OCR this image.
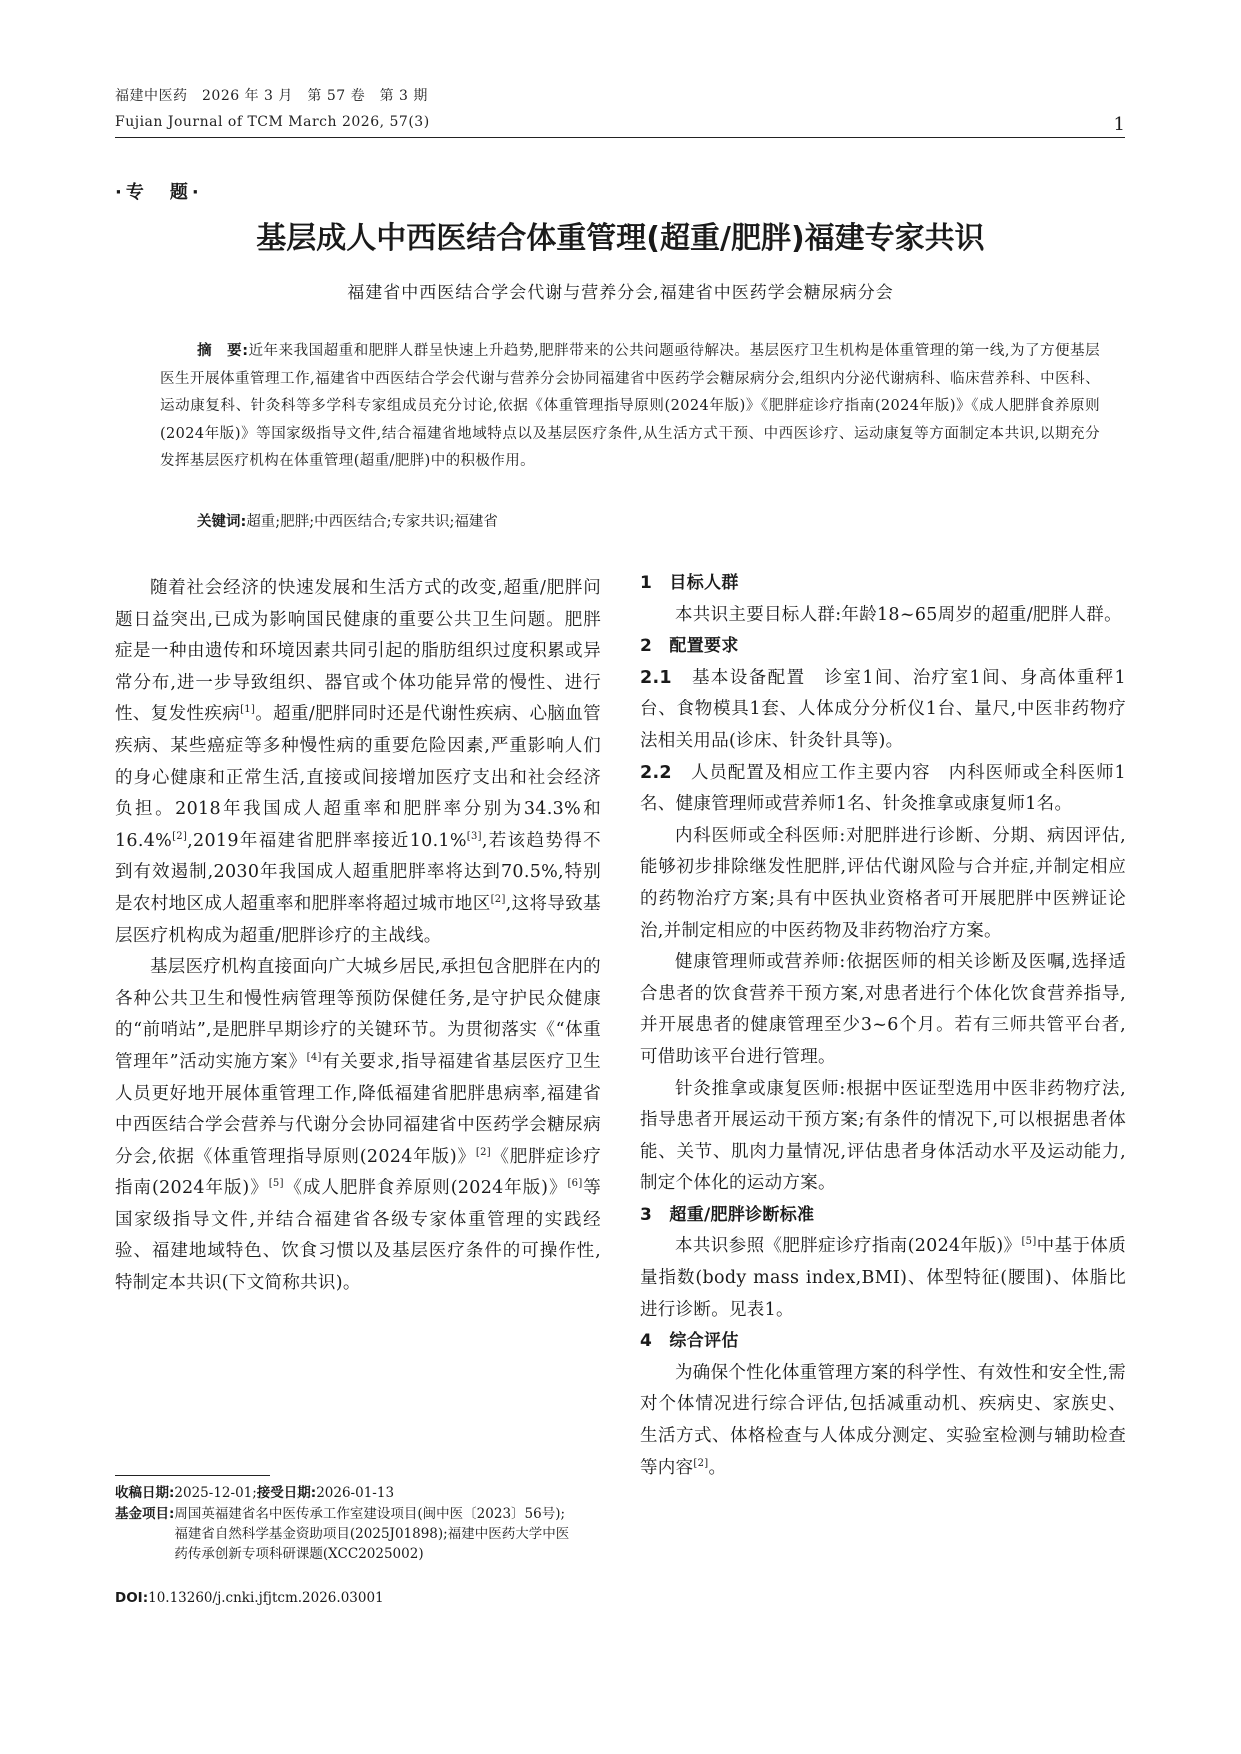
福建中医药　2026 年 3 月　第 57 卷　第 3 期
Fujian Journal of TCM March 2026, 57(3)	1
·专　题·
基层成人中西医结合体重管理(超重/肥胖)福建专家共识
福建省中西医结合学会代谢与营养分会,福建省中医药学会糖尿病分会
摘　要:近年来我国超重和肥胖人群呈快速上升趋势,肥胖带来的公共问题亟待解决。基层医疗卫生机构是体重管理的第一线,为了方便基层医生开展体重管理工作,福建省中西医结合学会代谢与营养分会协同福建省中医药学会糖尿病分会,组织内分泌代谢病科、临床营养科、中医科、运动康复科、针灸科等多学科专家组成员充分讨论,依据《体重管理指导原则(2024年版)》《肥胖症诊疗指南(2024年版)》《成人肥胖食养原则(2024年版)》等国家级指导文件,结合福建省地域特点以及基层医疗条件,从生活方式干预、中西医诊疗、运动康复等方面制定本共识,以期充分发挥基层医疗机构在体重管理(超重/肥胖)中的积极作用。
关键词:超重;肥胖;中西医结合;专家共识;福建省

随着社会经济的快速发展和生活方式的改变,超重/肥胖问题日益突出,已成为影响国民健康的重要公共卫生问题。肥胖症是一种由遗传和环境因素共同引起的脂肪组织过度积累或异常分布,进一步导致组织、器官或个体功能异常的慢性、进行性、复发性疾病[1]。超重/肥胖同时还是代谢性疾病、心脑血管疾病、某些癌症等多种慢性病的重要危险因素,严重影响人们的身心健康和正常生活,直接或间接增加医疗支出和社会经济负担。2018年我国成人超重率和肥胖率分别为34.3%和16.4%[2],2019年福建省肥胖率接近10.1%[3],若该趋势得不到有效遏制,2030年我国成人超重肥胖率将达到70.5%,特别是农村地区成人超重率和肥胖率将超过城市地区[2],这将导致基层医疗机构成为超重/肥胖诊疗的主战线。

基层医疗机构直接面向广大城乡居民,承担包含肥胖在内的各种公共卫生和慢性病管理等预防保健任务,是守护民众健康的“前哨站”,是肥胖早期诊疗的关键环节。为贯彻落实《“体重管理年”活动实施方案》[4]有关要求,指导福建省基层医疗卫生人员更好地开展体重管理工作,降低福建省肥胖患病率,福建省中西医结合学会营养与代谢分会协同福建省中医药学会糖尿病分会,依据《体重管理指导原则(2024年版)》[2]《肥胖症诊疗指南(2024年版)》[5]《成人肥胖食养原则(2024年版)》[6]等国家级指导文件,并结合福建省各级专家体重管理的实践经验、福建地域特色、饮食习惯以及基层医疗条件的可操作性,特制定本共识(下文简称共识)。

收稿日期:2025-12-01;接受日期:2026-01-13
基金项目:周国英福建省名中医传承工作室建设项目(闽中医〔2023〕56号);福建省自然科学基金资助项目(2025J01898);福建中医药大学中医药传承创新专项科研课题(XCC2025002)
DOI:10.13260/j.cnki.jfjtcm.2026.03001

1　目标人群

本共识主要目标人群:年龄18~65周岁的超重/肥胖人群。

2　配置要求

2.1　 基本设备配置　 诊室1间、治疗室1间、身高体重秤1台、食物模具1套、人体成分分析仪1台、量尺,中医非药物疗法相关用品(诊床、针灸针具等)。

2.2　 人员配置及相应工作主要内容　 内科医师或全科医师1名、健康管理师或营养师1名、针灸推拿或康复师1名。

内科医师或全科医师:对肥胖进行诊断、分期、病因评估,能够初步排除继发性肥胖,评估代谢风险与合并症,并制定相应的药物治疗方案;具有中医执业资格者可开展肥胖中医辨证论治,并制定相应的中医药物及非药物治疗方案。

健康管理师或营养师:依据医师的相关诊断及医嘱,选择适合患者的饮食营养干预方案,对患者进行个体化饮食营养指导,并开展患者的健康管理至少3~6个月。若有三师共管平台者,可借助该平台进行管理。

针灸推拿或康复医师:根据中医证型选用中医非药物疗法,指导患者开展运动干预方案;有条件的情况下,可以根据患者体能、关节、肌肉力量情况,评估患者身体活动水平及运动能力,制定个体化的运动方案。

3　超重/肥胖诊断标准

本共识参照《肥胖症诊疗指南(2024年版)》[5]中基于体质量指数(body mass index,BMI)、体型特征(腰围)、体脂比进行诊断。见表1。

4　综合评估

为确保个性化体重管理方案的科学性、有效性和安全性,需对个体情况进行综合评估,包括减重动机、疾病史、家族史、生活方式、体格检查与人体成分测定、实验室检测与辅助检查等内容[2]。
